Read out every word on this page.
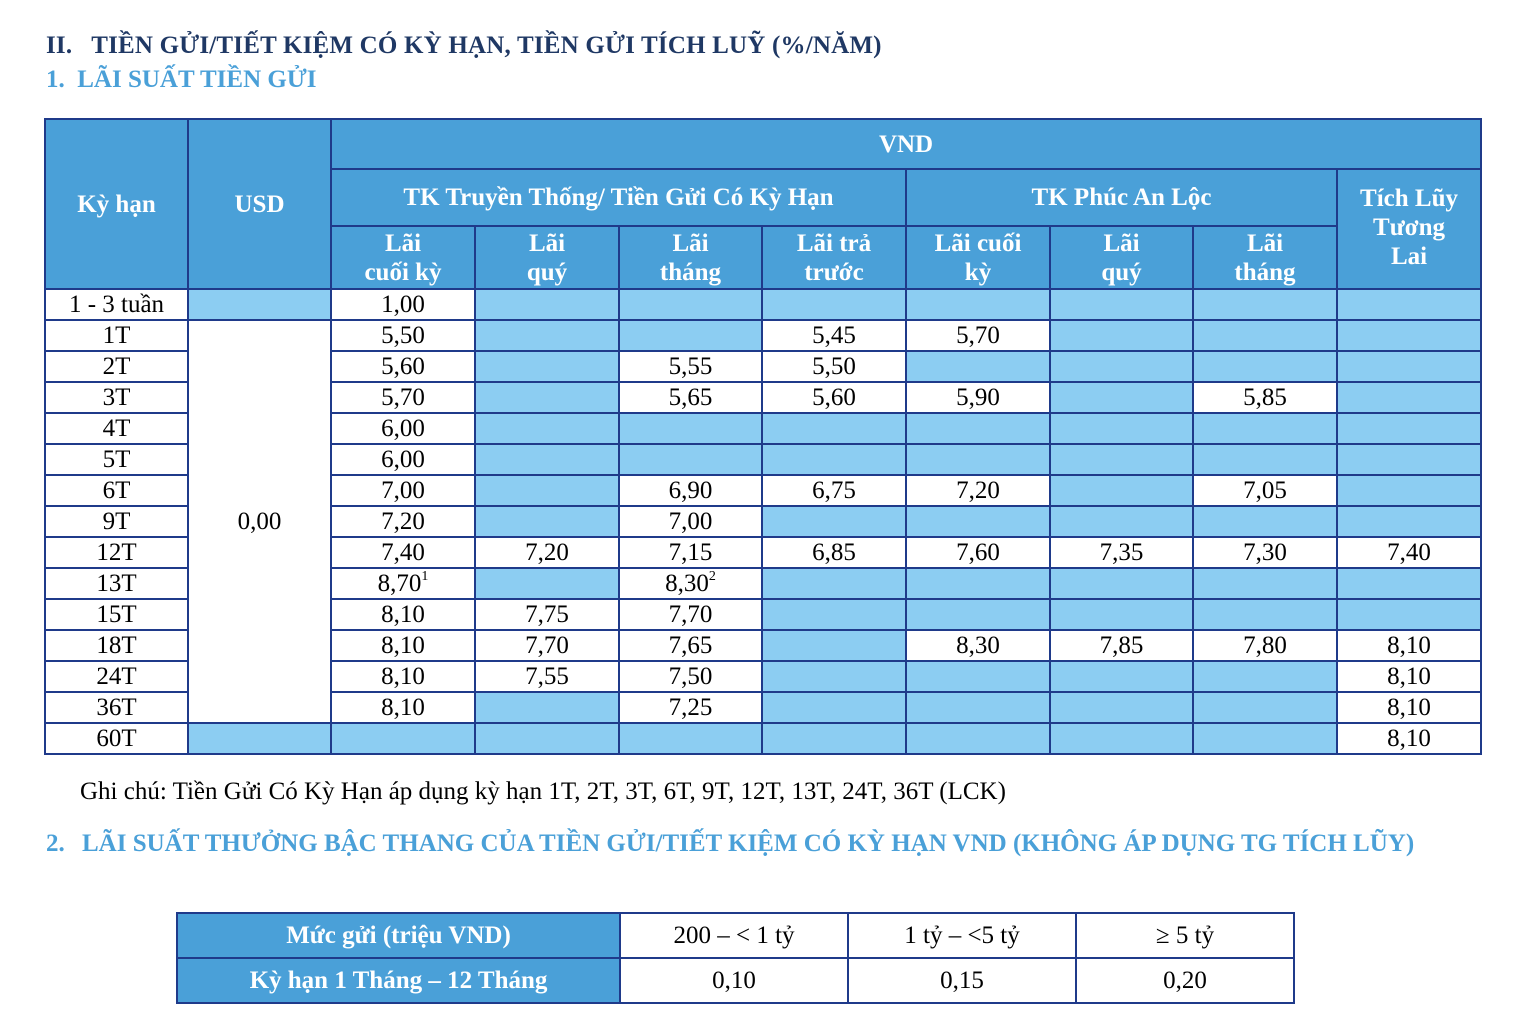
II.   TIỀN GỬI/TIẾT KIỆM CÓ KỲ HẠN, TIỀN GỬI TÍCH LUỸ (%/NĂM)
1.  LÃI SUẤT TIỀN GỬI
Kỳ hạn	USD	VND							
		TK Truyền Thống/ Tiền Gửi Có Kỳ Hạn				TK Phúc An Lộc			Tích Lũy Tương Lai

		Lãi cuối kỳ	Lãi quý	Lãi tháng	Lãi trả trước	Lãi cuối kỳ	Lãi quý	Lãi tháng	

1 - 3 tuần		1,00							
1T	0,00	5,50			5,45	5,70			
2T		5,60		5,55	5,50				
3T		5,70		5,65	5,60	5,90		5,85	
4T		6,00							
5T		6,00							
6T		7,00		6,90	6,75	7,20		7,05	
9T		7,20		7,00					
12T		7,40	7,20	7,15	6,85	7,60	7,35	7,30	7,40
13T		8,70$^1$		8,30$^2$					
15T		8,10	7,75	7,70					
18T		8,10	7,70	7,65		8,30	7,85	7,80	8,10
24T		8,10	7,55	7,50					8,10
36T		8,10		7,25					8,10
60T									8,10
Ghi chú: Tiền Gửi Có Kỳ Hạn áp dụng kỳ hạn 1T, 2T, 3T, 6T, 9T, 12T, 13T, 24T, 36T (LCK)
2. LÃI SUẤT THƯỞNG BẬC THANG CỦA TIỀN GỬI/TIẾT KIỆM CÓ KỲ HẠN VND (KHÔNG ÁP DỤNG TG TÍCH LŨY)
Mức gửi (triệu VND)	200 – < 1 tỷ	1 tỷ – <5 tỷ	≥ 5 tỷ
Kỳ hạn 1 Tháng – 12 Tháng	0,10	0,15	0,20
